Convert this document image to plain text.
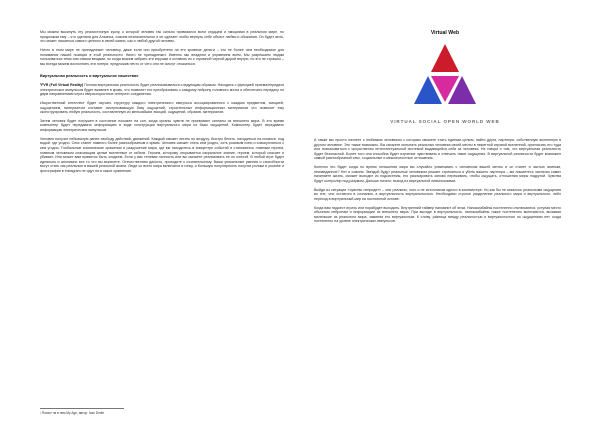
Мы можем выкинуть эту реалистичную куклу, к которой человек так сильно привязался всем сердцем и эмоциями в реальном мире, но предложим ему – что сделали для Альянса, совсем незначительное и он сделает чтобы вернуть себе объект любви и обожания. Он будет жить, что может лишиться самого ценного в своей жизни, как и любой другой человек.

Ничто в этом мире не принадлежит человеку, даже если оно приобретено на его кровные деньги – это не более чем необходимое для понимания нашей позиции в этой реальности. Никто не принадлежит. Именно мы владеем и управляем всем. Мы разрешаем людям пользоваться теми или иными вещами, но когда можем забрать эти игрушки и оставить их с огромной черной дырой внутри, но это не страшно – мы всегда можем восполнить эти потери, предложив нечто от чего они не смогут отказаться.

Виртуальная реальность и виртуальное нашествие

²FVR (Full Virtual Reality) Полная виртуальная реальность будет реализовываться следующим образом. Находясь с функцией приема/передачи электрических импульсов будет вживлен в кровь, что позволит его преобразовать к каждому нейрону головного мозга и обеспечить передачу по двум направлениям через сверхскоростные интернет-соединения.

Искусственный интеллект будет изучать структуру каждого электрического импульса ассоциированного с каждым предметом, эмоцией, ощущением, материалом составит исчерпывающую базу ощущений, строительных информационных материалов что позволит ему сконструировать любую реальность, составленную из мельчайших эмоций, ощущений, образов, материалов.

Затем человек будет погружен в состояние похожее на сон, когда органы чувств не принимают сигналы из внешнего мира. В это время компьютер будет передавать информацию в виде конструкции виртуального мира из базы ощущений. Компьютер будет передавать информацию электрических импульсов.

Человек получит небывалую ранее свободу действий, движений. Каждый сможет летать по воздуху, быстро бегать, находиться на космосе, под водой, где угодно. Секс станет намного более разнообразным и ярким. Человек сможет стать кем угодно, хоть розовым пони и совокупляться с кем угодно. Глобальные космические сражения и разрушение мира, где вы находитесь в эпицентре событий и становитесь главным героем, главным человеком спасающим целые вселенные от гибели. Героем, которому открывается сакральное знание, героем, который спасает и убивает. Или может вам нравится быть злодеем. Если у вас теневая личность или вы сможете реализовать ее по полной. В любой игре будет идеально и анонимно все то что вы вынесете. Отечественная дикость, проходите к сознательному. Ваши уникальные умения и способности могут стать как реальные в вашей реальной жизни. Люди со всего мира включатся в гонку, и большую популярность получат ролики в youtube и фотографии в Instagram не идут ни в какое сравнение.

Virtual Web
VIRTUAL SOCIAL OPEN WORLD WEB

А также мы просто начнете с любимым человеком с которым сможете стать единым целым, найти друга, партнера, собственную вселенную в другом человеке. Это также возможно. Вы сможете испытать реальных человека своей мечты в нежитной игровой вселенной, пригласить его туда или познакомиться с искусственно интеллектуальной системой выдающейся себя за человека. Не говоря о том, что виртуальная реальность будет безопасной. Более того она способна будет изучение чувствовать и отвечать такие ощущения. В виртуальной реальности будет возможен самый разнообразный секс, социальные и межличностные отношения.

Конечно это будет когда но время отношения мира вы случайно ухватывать с человеком вашей мечты и он станет и частью земным, неизведанное? Нет и совсем. Звездой будут реальные человеком решает стремиться и убить вашего партнера – вы лишаетесь частички самих начинаете жизнь, сможет выходит из подсистемы, его разочаровать заново переживать, чтобы ощущать, отношения миры подругой. Чувства будут контролир под разумом. Дальше ничего; выход из виртуальной невыносимым.

Выйдя из ситуации «чувство непридет» – они реальны, хоть и не источником одного в компьютере. Но как бы не казалось реальными ощущения во сне, они остаются в сознании, а виртуальность виртуальностью. Необходимо строгое разделение реального мира и виртуального, либо переход в виртуальный мир на постоянной основе.

Когда вам надоест играть или порабудет выходить. Внутренний таймер напомнит об этом. Нанокомбайны постепенно отключаются, уступая место обычным нейронам и информации из внешнего мира. При выходе в виртуальность, нанокомбайны также постепенно включаются, вызывая маленькие из реального мира, заменяя его виртуальным. К слову, разница между реальностью и виртуальностью по ощущениям нет, когда постепенно на уровне электрических импульсов.

¹ Rostov на в нем My Age, автор: Ivan Dmitri
